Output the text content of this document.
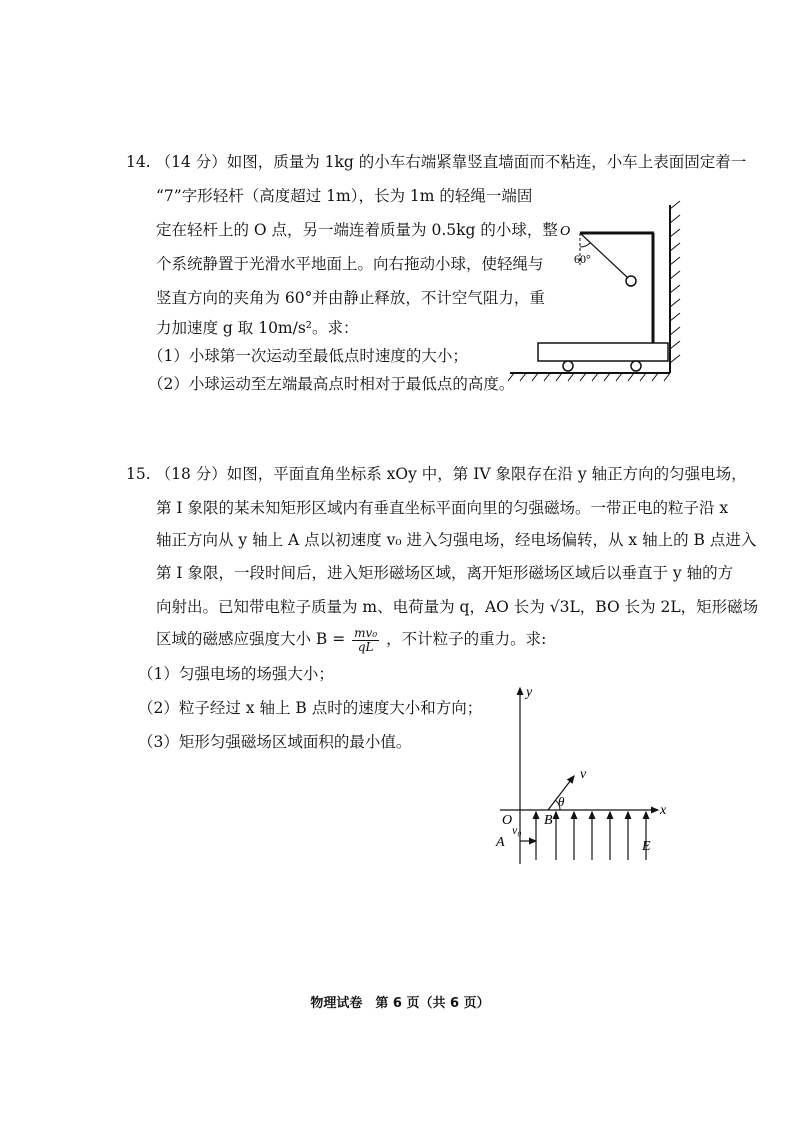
14. （14 分）如图，质量为 1kg 的小车右端紧靠竖直墙面而不粘连，小车上表面固定着一
“7”字形轻杆（高度超过 1m），长为 1m 的轻绳一端固
定在轻杆上的 O 点，另一端连着质量为 0.5kg 的小球，整
个系统静置于光滑水平地面上。向右拖动小球，使轻绳与
竖直方向的夹角为 60°并由静止释放，不计空气阻力，重
力加速度 g 取 10m/s²。求：
（1）小球第一次运动至最低点时速度的大小；
（2）小球运动至左端最高点时相对于最低点的高度。
O
60°
15. （18 分）如图，平面直角坐标系 xOy 中，第 IV 象限存在沿 y 轴正方向的匀强电场，
第 I 象限的某未知矩形区域内有垂直坐标平面向里的匀强磁场。一带正电的粒子沿 x
轴正方向从 y 轴上 A 点以初速度 v₀ 进入匀强电场，经电场偏转，从 x 轴上的 B 点进入
第 I 象限，一段时间后，进入矩形磁场区域，离开矩形磁场区域后以垂直于 y 轴的方
向射出。已知带电粒子质量为 m、电荷量为 q，AO 长为 √3L，BO 长为 2L，矩形磁场
区域的磁感应强度大小 $B = \frac{\text{mv₀}}{qL}$ ，不计粒子的重力。求:
（1）匀强电场的场强大小；
（2）粒子经过 x 轴上 B 点时的速度大小和方向；
（3）矩形匀强磁场区域面积的最小值。
y
x
O
E
A
v₀
B
v
θ
物理试卷　第 6 页（共 6 页）
